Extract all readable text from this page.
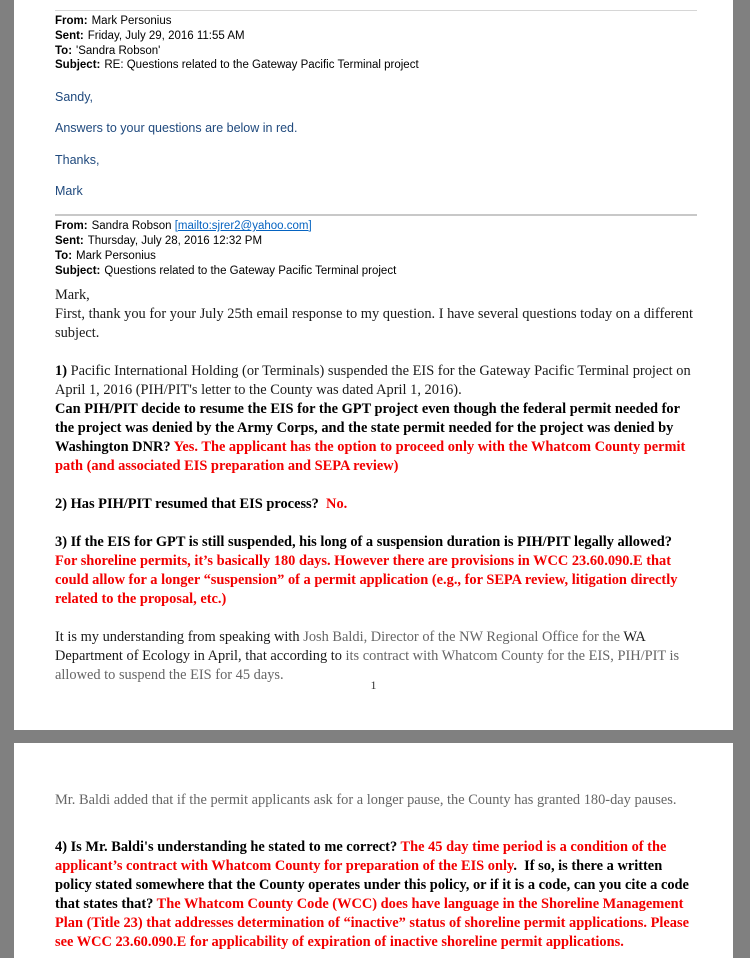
From: Mark Personius
Sent: Friday, July 29, 2016 11:55 AM
To: 'Sandra Robson'
Subject: RE: Questions related to the Gateway Pacific Terminal project
Sandy,
Answers to your questions are below in red.
Thanks,
Mark
From: Sandra Robson [mailto:sjrer2@yahoo.com]
Sent: Thursday, July 28, 2016 12:32 PM
To: Mark Personius
Subject: Questions related to the Gateway Pacific Terminal project
Mark,
First, thank you for your July 25th email response to my question. I have several questions today on a different subject.
1) Pacific International Holding (or Terminals) suspended the EIS for the Gateway Pacific Terminal project on April 1, 2016 (PIH/PIT's letter to the County was dated April 1, 2016).
Can PIH/PIT decide to resume the EIS for the GPT project even though the federal permit needed for the project was denied by the Army Corps, and the state permit needed for the project was denied by Washington DNR? Yes. The applicant has the option to proceed only with the Whatcom County permit path (and associated EIS preparation and SEPA review)
2) Has PIH/PIT resumed that EIS process?  No.
3) If the EIS for GPT is still suspended, his long of a suspension duration is PIH/PIT legally allowed? For shoreline permits, it’s basically 180 days. However there are provisions in WCC 23.60.090.E that could allow for a longer “suspension” of a permit application (e.g., for SEPA review, litigation directly related to the proposal, etc.)
It is my understanding from speaking with Josh Baldi, Director of the NW Regional Office for the WA Department of Ecology in April, that according to its contract with Whatcom County for the EIS, PIH/PIT is allowed to suspend the EIS for 45 days.
1
Mr. Baldi added that if the permit applicants ask for a longer pause, the County has granted 180-day pauses.
4) Is Mr. Baldi's understanding he stated to me correct? The 45 day time period is a condition of the applicant’s contract with Whatcom County for preparation of the EIS only.  If so, is there a written policy stated somewhere that the County operates under this policy, or if it is a code, can you cite a code that states that? The Whatcom County Code (WCC) does have language in the Shoreline Management Plan (Title 23) that addresses determination of “inactive” status of shoreline permit applications. Please see WCC 23.60.090.E for applicability of expiration of inactive shoreline permit applications.
